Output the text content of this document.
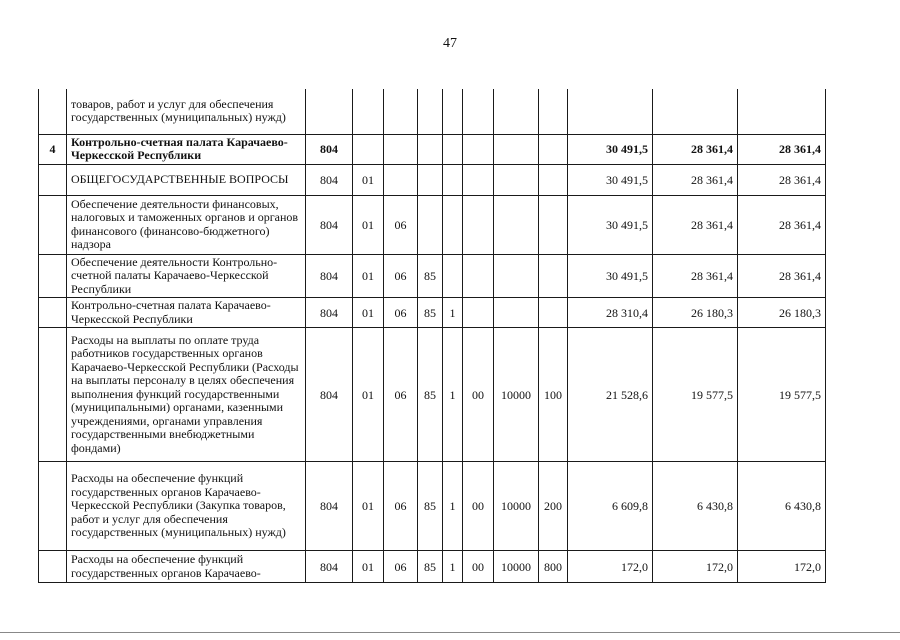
47
	товаров, работ и услуг для обеспечения государственных (муниципальных) нужд)											
4	Контрольно-счетная палата Карачаево-Черкесской Республики	804								30 491,5	28 361,4	28 361,4
	ОБЩЕГОСУДАРСТВЕННЫЕ ВОПРОСЫ	804	01							30 491,5	28 361,4	28 361,4
	Обеспечение деятельности финансовых, налоговых и таможенных органов и органов финансового (финансово-бюджетного) надзора	804	01	06						30 491,5	28 361,4	28 361,4
	Обеспечение деятельности Контрольно-счетной палаты Карачаево-Черкесской Республики	804	01	06	85					30 491,5	28 361,4	28 361,4
	Контрольно-счетная палата Карачаево-Черкесской Республики	804	01	06	85	1				28 310,4	26 180,3	26 180,3
	Расходы на выплаты по оплате труда работников государственных органов Карачаево-Черкесской Республики (Расходы на выплаты персоналу в целях обеспечения выполнения функций государственными (муниципальными) органами, казенными учреждениями, органами управления государственными внебюджетными фондами)	804	01	06	85	1	00	10000	100	21 528,6	19 577,5	19 577,5
	Расходы на обеспечение функций государственных органов Карачаево-Черкесской Республики (Закупка товаров, работ и услуг для обеспечения государственных (муниципальных) нужд)	804	01	06	85	1	00	10000	200	6 609,8	6 430,8	6 430,8
	Расходы на обеспечение функций государственных органов Карачаево-	804	01	06	85	1	00	10000	800	172,0	172,0	172,0
